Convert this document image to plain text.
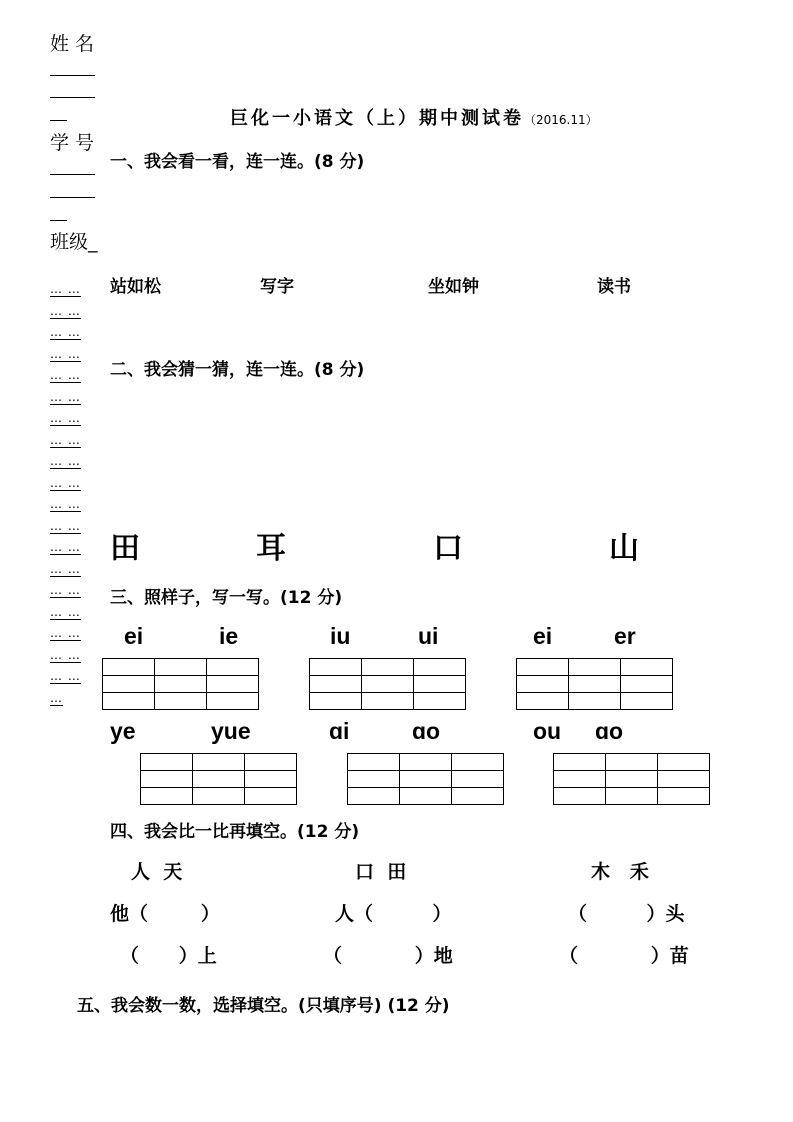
姓 名
学 号
班级_
… …
… …
… …
… …
… …
… …
… …
… …
… …
… …
… …
… …
… …
… …
… …
… …
… …
… …
… …
…
巨化一小语文（上）期中测试卷（2016.11）
一、我会看一看，连一连。(8 分)
站如松	写字	坐如钟	读书
二、我会猜一猜，连一连。(8 分)
田	耳	口	山
三、照样子，写一写。(12 分)
ei	ie	iu	ui	ei	er

ye	yue	ɑi	ɑo	ou ɑo

四、我会比一比再填空。(12 分)
人  天	口  田	木   禾
他（        ）	人（         ）	（         ）头
（      ）上	（           ）地	（           ）苗
五、我会数一数，选择填空。(只填序号) (12 分)
